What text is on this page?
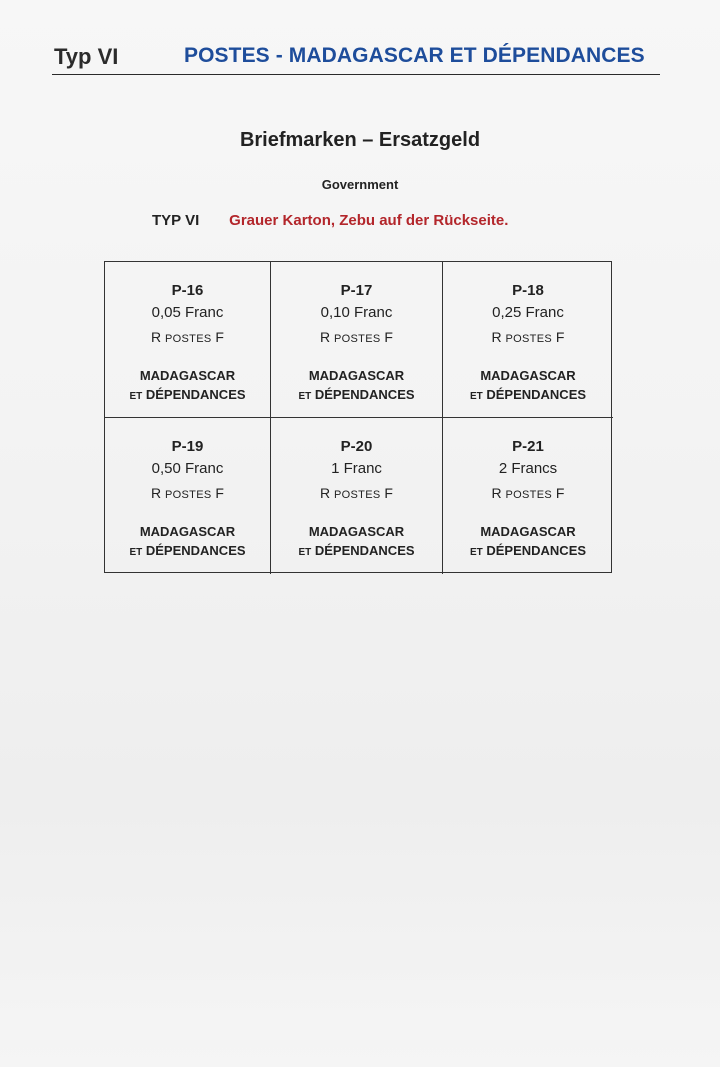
Typ VI	POSTES - MADAGASCAR ET DÉPENDANCES
Briefmarken – Ersatzgeld
Government
TYP VI Grauer Karton, Zebu auf der Rückseite.
P-16
0,05 Franc
R POSTES F
MADAGASCAR
ET DÉPENDANCES
P-17
0,10 Franc
R POSTES F
MADAGASCAR
ET DÉPENDANCES
P-18
0,25 Franc
R POSTES F
MADAGASCAR
ET DÉPENDANCES
P-19
0,50 Franc
R POSTES F
MADAGASCAR
ET DÉPENDANCES
P-20
1 Franc
R POSTES F
MADAGASCAR
ET DÉPENDANCES
P-21
2 Francs
R POSTES F
MADAGASCAR
ET DÉPENDANCES
